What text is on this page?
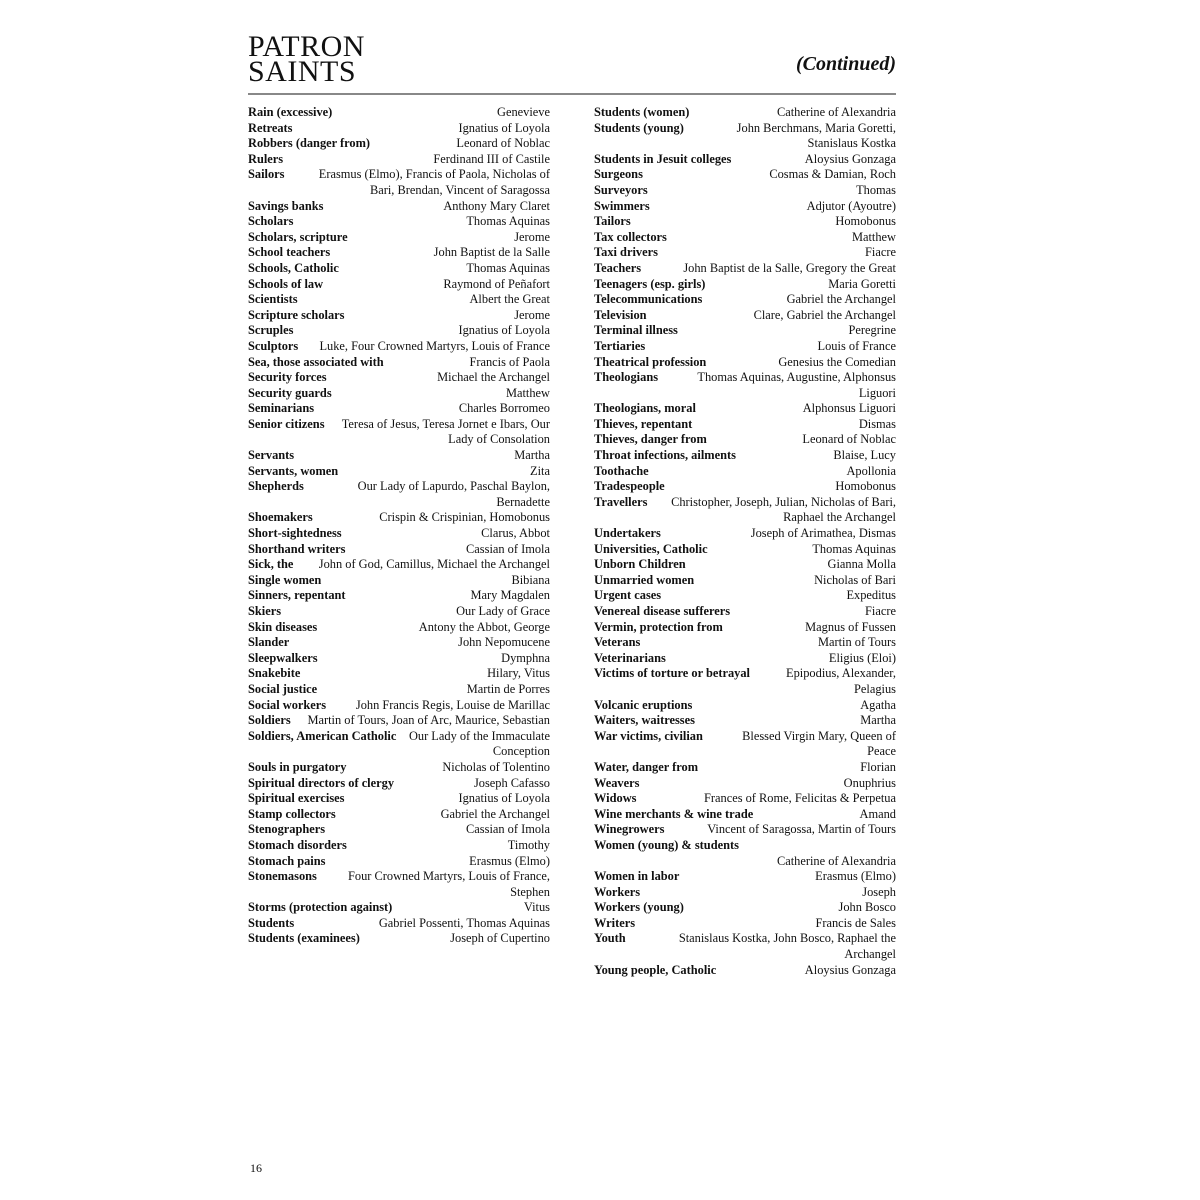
PATRON
SAINTS	(Continued)
Rain (excessive)	Genevieve
Retreats	Ignatius of Loyola
Robbers (danger from)	Leonard of Noblac
Rulers	Ferdinand III of Castile
Sailors	Erasmus (Elmo), Francis of Paola, Nicholas of Bari, Brendan, Vincent of Saragossa
Savings banks	Anthony Mary Claret
Scholars	Thomas Aquinas
Scholars, scripture	Jerome
School teachers	John Baptist de la Salle
Schools, Catholic	Thomas Aquinas
Schools of law	Raymond of Peñafort
Scientists	Albert the Great
Scripture scholars	Jerome
Scruples	Ignatius of Loyola
Sculptors	Luke, Four Crowned Martyrs, Louis of France
Sea, those associated with	Francis of Paola
Security forces	Michael the Archangel
Security guards	Matthew
Seminarians	Charles Borromeo
Senior citizens	Teresa of Jesus, Teresa Jornet e Ibars, Our Lady of Consolation
Servants	Martha
Servants, women	Zita
Shepherds	Our Lady of Lapurdo, Paschal Baylon, Bernadette
Shoemakers	Crispin & Crispinian, Homobonus
Short-sightedness	Clarus, Abbot
Shorthand writers	Cassian of Imola
Sick, the	John of God, Camillus, Michael the Archangel
Single women	Bibiana
Sinners, repentant	Mary Magdalen
Skiers	Our Lady of Grace
Skin diseases	Antony the Abbot, George
Slander	John Nepomucene
Sleepwalkers	Dymphna
Snakebite	Hilary, Vitus
Social justice	Martin de Porres
Social workers	John Francis Regis, Louise de Marillac
Soldiers	Martin of Tours, Joan of Arc, Maurice, Sebastian
Soldiers, American Catholic	Our Lady of the Immaculate Conception
Souls in purgatory	Nicholas of Tolentino
Spiritual directors of clergy	Joseph Cafasso
Spiritual exercises	Ignatius of Loyola
Stamp collectors	Gabriel the Archangel
Stenographers	Cassian of Imola
Stomach disorders	Timothy
Stomach pains	Erasmus (Elmo)
Stonemasons	Four Crowned Martyrs, Louis of France, Stephen
Storms (protection against)	Vitus
Students	Gabriel Possenti, Thomas Aquinas
Students (examinees)	Joseph of Cupertino
Students (women)	Catherine of Alexandria
Students (young)	John Berchmans, Maria Goretti, Stanislaus Kostka
Students in Jesuit colleges	Aloysius Gonzaga
Surgeons	Cosmas & Damian, Roch
Surveyors	Thomas
Swimmers	Adjutor (Ayoutre)
Tailors	Homobonus
Tax collectors	Matthew
Taxi drivers	Fiacre
Teachers	John Baptist de la Salle, Gregory the Great
Teenagers (esp. girls)	Maria Goretti
Telecommunications	Gabriel the Archangel
Television	Clare, Gabriel the Archangel
Terminal illness	Peregrine
Tertiaries	Louis of France
Theatrical profession	Genesius the Comedian
Theologians	Thomas Aquinas, Augustine, Alphonsus Liguori
Theologians, moral	Alphonsus Liguori
Thieves, repentant	Dismas
Thieves, danger from	Leonard of Noblac
Throat infections, ailments	Blaise, Lucy
Toothache	Apollonia
Tradespeople	Homobonus
Travellers	Christopher, Joseph, Julian, Nicholas of Bari, Raphael the Archangel
Undertakers	Joseph of Arimathea, Dismas
Universities, Catholic	Thomas Aquinas
Unborn Children	Gianna Molla
Unmarried women	Nicholas of Bari
Urgent cases	Expeditus
Venereal disease sufferers	Fiacre
Vermin, protection from	Magnus of Fussen
Veterans	Martin of Tours
Veterinarians	Eligius (Eloi)
Victims of torture or betrayal	Epipodius, Alexander, Pelagius
Volcanic eruptions	Agatha
Waiters, waitresses	Martha
War victims, civilian	Blessed Virgin Mary, Queen of Peace
Water, danger from	Florian
Weavers	Onuphrius
Widows	Frances of Rome, Felicitas & Perpetua
Wine merchants & wine trade	Amand
Winegrowers	Vincent of Saragossa, Martin of Tours
Women (young) & students
Catherine of Alexandria
Women in labor	Erasmus (Elmo)
Workers	Joseph
Workers (young)	John Bosco
Writers	Francis de Sales
Youth	Stanislaus Kostka, John Bosco, Raphael the Archangel
Young people, Catholic	Aloysius Gonzaga
16
